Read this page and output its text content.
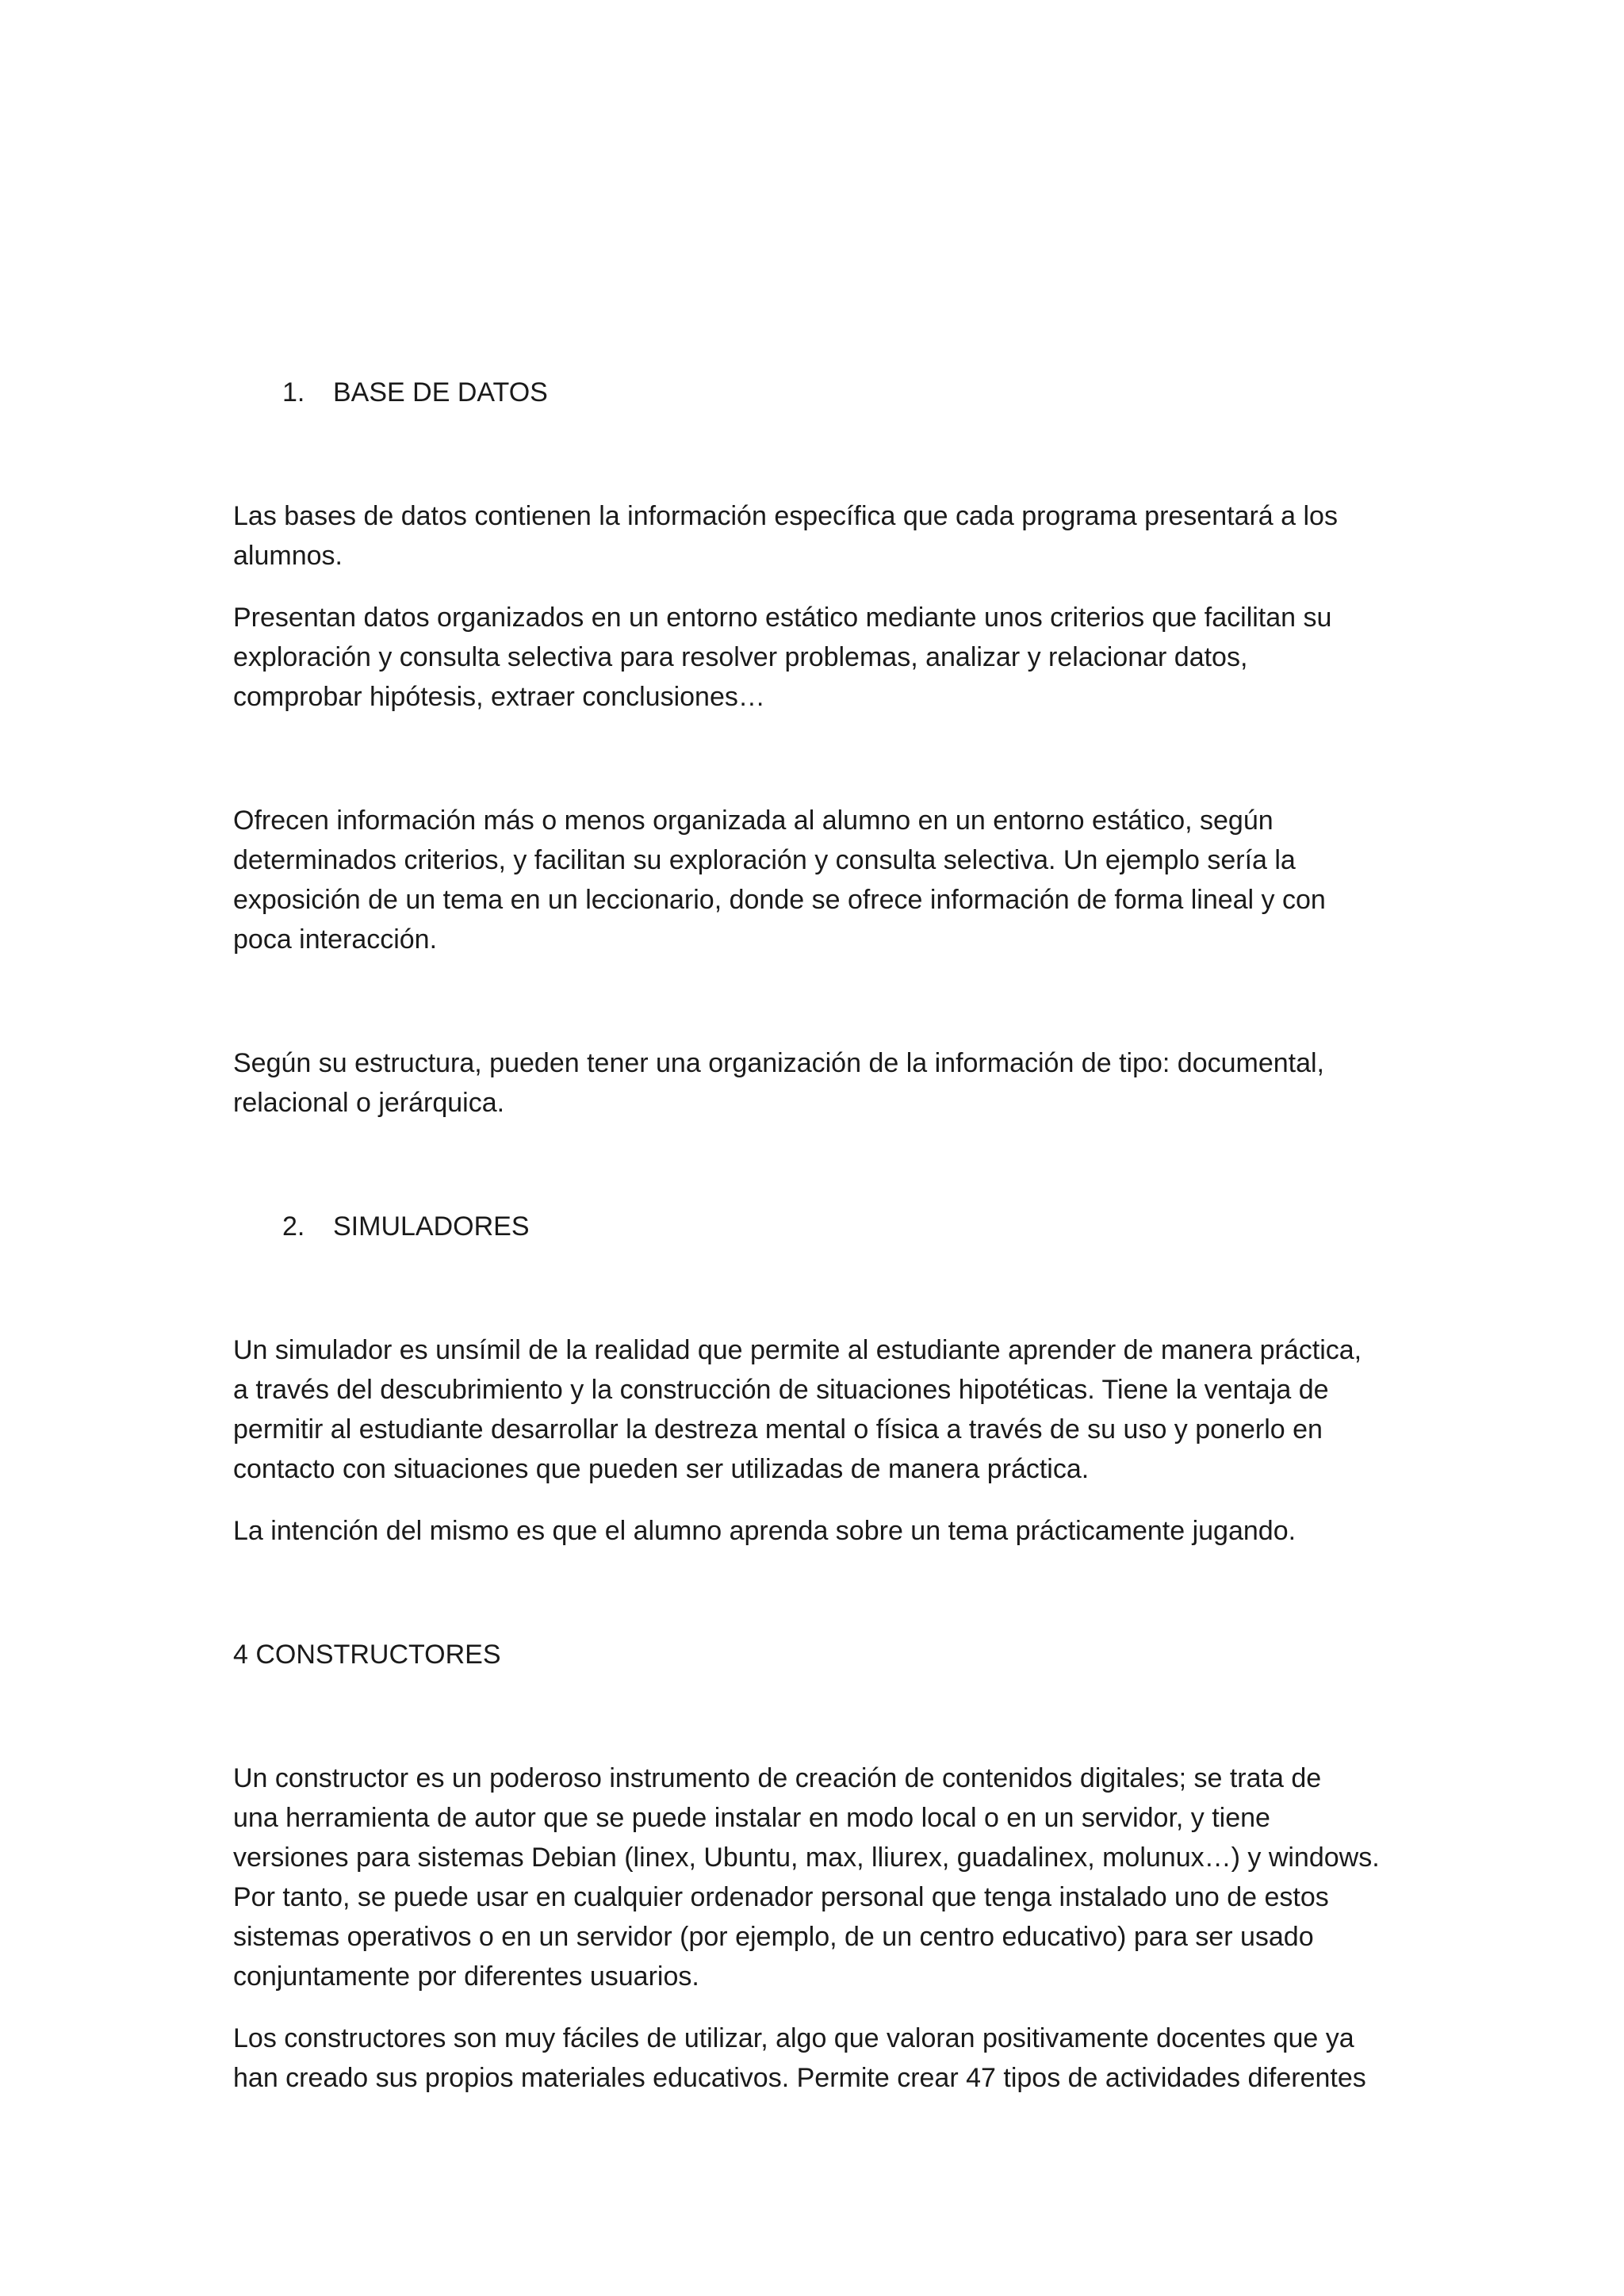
1.	BASE DE DATOS

Las bases de datos contienen la información específica que cada programa presentará a los
alumnos.

Presentan datos organizados en un entorno estático mediante unos criterios que facilitan su
exploración y consulta selectiva para resolver problemas, analizar y relacionar datos,
comprobar hipótesis, extraer conclusiones…

Ofrecen información más o menos organizada al alumno en un entorno estático, según
determinados criterios, y facilitan su exploración y consulta selectiva. Un ejemplo sería la
exposición de un tema en un leccionario, donde se ofrece información de forma lineal y con
poca interacción.

Según su estructura, pueden tener una organización de la información de tipo: documental,
relacional o jerárquica.

2.	SIMULADORES

Un simulador es unsímil de la realidad que permite al estudiante aprender de manera práctica,
a través del descubrimiento y la construcción de situaciones hipotéticas. Tiene la ventaja de
permitir al estudiante desarrollar la destreza mental o física a través de su uso y ponerlo en
contacto con situaciones que pueden ser utilizadas de manera práctica.

La intención del mismo es que el alumno aprenda sobre un tema prácticamente jugando.

4 CONSTRUCTORES

Un constructor es un poderoso instrumento de creación de contenidos digitales; se trata de
una herramienta de autor que se puede instalar en modo local o en un servidor, y tiene
versiones para sistemas Debian (linex, Ubuntu, max, lliurex, guadalinex, molunux…) y windows.
Por tanto, se puede usar en cualquier ordenador personal que tenga instalado uno de estos
sistemas operativos o en un servidor (por ejemplo, de un centro educativo) para ser usado
conjuntamente por diferentes usuarios.

Los constructores son muy fáciles de utilizar, algo que valoran positivamente docentes que ya
han creado sus propios materiales educativos. Permite crear 47 tipos de actividades diferentes
